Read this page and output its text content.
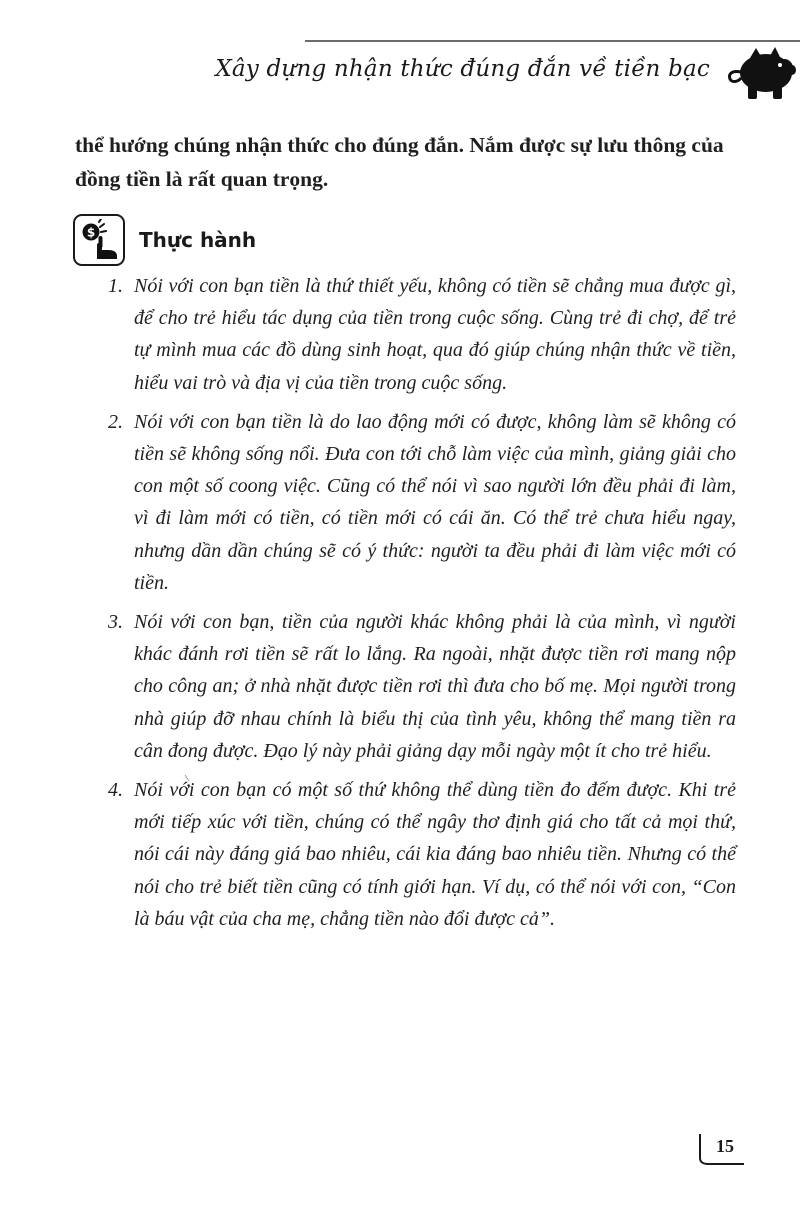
Xây dựng nhận thức đúng đắn về tiền bạc

thể hướng chúng nhận thức cho đúng đắn. Nắm được sự lưu thông của đồng tiền là rất quan trọng.

$ Thực hành
1. Nói với con bạn tiền là thứ thiết yếu, không có tiền sẽ chẳng mua được gì, để cho trẻ hiểu tác dụng của tiền trong cuộc sống. Cùng trẻ đi chợ, để trẻ tự mình mua các đồ dùng sinh hoạt, qua đó giúp chúng nhận thức về tiền, hiểu vai trò và địa vị của tiền trong cuộc sống.
2. Nói với con bạn tiền là do lao động mới có được, không làm sẽ không có tiền sẽ không sống nổi. Đưa con tới chỗ làm việc của mình, giảng giải cho con một số coong việc. Cũng có thể nói vì sao người lớn đều phải đi làm, vì đi làm mới có tiền, có tiền mới có cái ăn. Có thể trẻ chưa hiểu ngay, nhưng dần dần chúng sẽ có ý thức: người ta đều phải đi làm việc mới có tiền.
3. Nói với con bạn, tiền của người khác không phải là của mình, vì người khác đánh rơi tiền sẽ rất lo lắng. Ra ngoài, nhặt được tiền rơi mang nộp cho công an; ở nhà nhặt được tiền rơi thì đưa cho bố mẹ. Mọi người trong nhà giúp đỡ nhau chính là biểu thị của tình yêu, không thể mang tiền ra cân đong được. Đạo lý này phải giảng dạy mỗi ngày một ít cho trẻ hiểu.
4. Nói với con bạn có một số thứ không thể dùng tiền đo đếm được. Khi trẻ mới tiếp xúc với tiền, chúng có thể ngây thơ định giá cho tất cả mọi thứ, nói cái này đáng giá bao nhiêu, cái kia đáng bao nhiêu tiền. Nhưng có thể nói cho trẻ biết tiền cũng có tính giới hạn. Ví dụ, có thể nói với con, “Con là báu vật của cha mẹ, chẳng tiền nào đổi được cả”.
15
